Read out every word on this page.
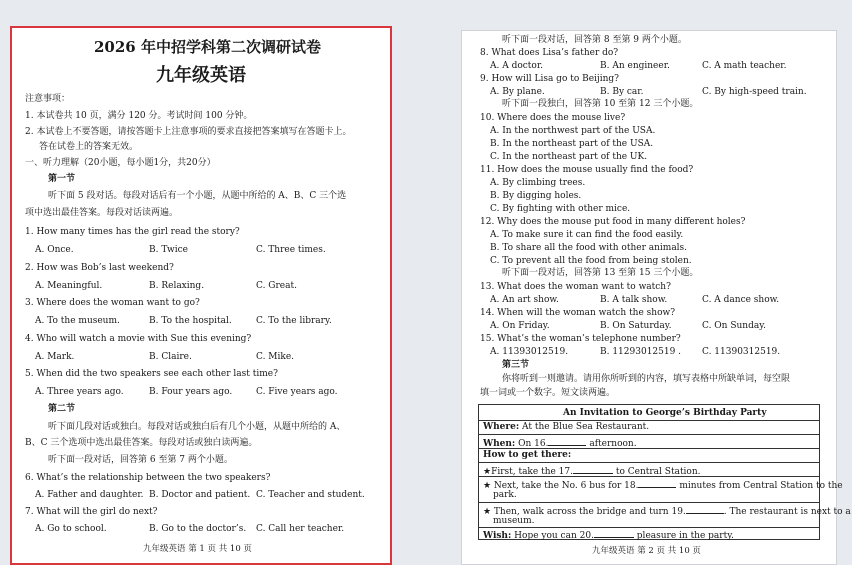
2026 年中招学科第二次调研试卷
九年级英语
注意事项：
1. 本试卷共 10 页，满分 120 分。考试时间 100 分钟。
2. 本试卷上不要答题，请按答题卡上注意事项的要求直接把答案填写在答题卡上。
答在试卷上的答案无效。
一、听力理解（20小题，每小题1分，共20分）
第一节
听下面 5 段对话。每段对话后有一个小题，从题中所给的 A、B、C 三个选
项中选出最佳答案。每段对话读两遍。
1. How many times has the girl read the story?
A. Once.	B. Twice	C. Three times.
2. How was Bob’s last weekend?
A. Meaningful.	B. Relaxing.	C. Great.
3. Where does the woman want to go?
A. To the museum.	B. To the hospital.	C. To the library.
4. Who will watch a movie with Sue this evening?
A. Mark.	B. Claire.	C. Mike.
5. When did the two speakers see each other last time?
A. Three years ago.	B. Four years ago.	C. Five years ago.
第二节
听下面几段对话或独白。每段对话或独白后有几个小题，从题中所给的 A、
B、C 三个选项中选出最佳答案。每段对话或独白读两遍。
听下面一段对话，回答第 6 至第 7 两个小题。
6. What’s the relationship between the two speakers?
A. Father and daughter. B. Doctor and patient. C. Teacher and student.
7. What will the girl do next?
A. Go to school.	B. Go to the doctor’s. C. Call her teacher.
九年级英语 第 1 页 共 10 页
听下面一段对话，回答第 8 至第 9 两个小题。
8. What does Lisa’s father do?
A. A doctor.	B. An engineer.	C. A math teacher.
9. How will Lisa go to Beijing?
A. By plane.	B. By car.	C. By high-speed train.
听下面一段独白，回答第 10 至第 12 三个小题。
10. Where does the mouse live?
A. In the northwest part of the USA.
B. In the northeast part of the USA.
C. In the northeast part of the UK.
11. How does the mouse usually find the food?
A. By climbing trees.
B. By digging holes.
C. By fighting with other mice.
12. Why does the mouse put food in many different holes?
A. To make sure it can find the food easily.
B. To share all the food with other animals.
C. To prevent all the food from being stolen.
听下面一段对话，回答第 13 至第 15 三个小题。
13. What does the woman want to watch?
A. An art show.	B. A talk show.	C. A dance show.
14. When will the woman watch the show?
A. On Friday.	B. On Saturday.	C. On Sunday.
15. What’s the woman’s telephone number?
A. 11393012519.	B. 11293012519 . C. 11390312519.
第三节
你将听到一则邀请。请用你所听到的内容，填写表格中所缺单词，每空限
填一词或一个数字。短文读两遍。
An Invitation to George’s Birthday Party
Where: At the Blue Sea Restaurant.
When: On 16.	afternoon.
How to get there:
★First, take the 17.	to Central Station.
★ Next, take the No. 6 bus for 18.	minutes from Central Station to the
park.
★ Then, walk across the bridge and turn 19.	. The restaurant is next to a
museum.
Wish: Hope you can 20.	pleasure in the party.
九年级英语 第 2 页 共 10 页
